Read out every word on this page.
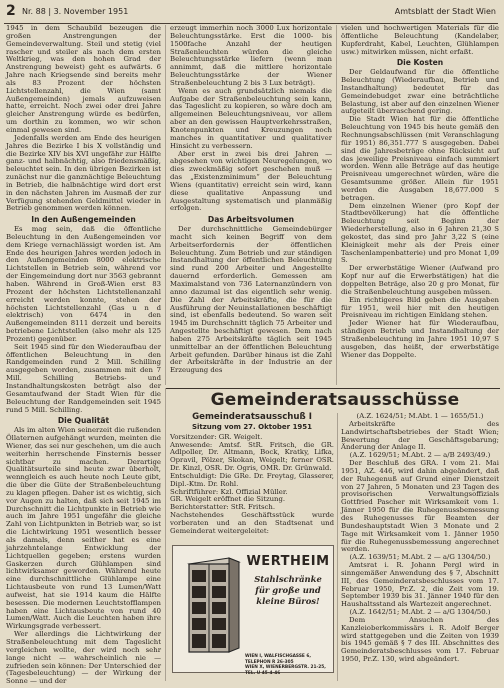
2 Nr. 88 | 3. November 1951	Amtsblatt der Stadt Wien

1945 in dem Schaubild bezeugen die großen Anstrengungen der Gemeindeverwaltung. Steil und stetig (viel rascher und steiler als nach dem ersten Weltkrieg, was den hohen Grad der Anstrengung beweist) geht es aufwärts. 6 Jahre nach Kriegsende sind bereits mehr als 83 Prozent der höchsten Lichtstellenzahl, die Wien (samt Außengemeinden) jemals aufzuweisen hatte, erreicht. Noch zwei oder drei Jahre gleicher Anstrengung würde es bedürfen, um dorthin zu kommen, wo wir schon einmal gewesen sind.

Jedenfalls werden am Ende des heurigen Jahres die Bezirke I bis X vollständig und die Bezirke XIV bis XVI ungefähr zur Hälfte ganz- und halbnächtig, also friedensmäßig, beleuchtet sein. In den übrigen Bezirken ist zunächst nur die ganznächtige Beleuchtung in Betrieb, die halbnächtige wird dort erst in den nächsten Jahren im Ausmaß der zur Verfügung stehenden Geldmittel wieder in Betrieb genommen werden können.

In den Außengemeinden

Es mag sein, daß die öffentliche Beleuchtung in den Außengemeinden vor dem Kriege vernachlässigt worden ist. Am Ende des heurigen Jahres werden jedoch in den Außengemeinden 8000 elektrische Lichtstellen in Betrieb sein, während vor der Eingemeindung dort nur 3563 gebrannt haben. Während in Groß-Wien erst 83 Prozent der höchsten Lichtstellenanzahl erreicht werden konnte, stehen der höchsten Lichtstellenzahl (Gas u n d elektrisch) von 6474 in den Außengemeinden 8111 derzeit und bereits betriebene Lichtstellen (also mehr als 125 Prozent) gegenüber.

Seit 1945 sind für den Wiederaufbau der öffentlichen Beleuchtung in den Randgemeinden rund 2 Mill. Schilling ausgegeben worden, zusammen mit den 7 Mill. Schilling Betriebs- und Instandhaltungskosten beträgt also der Gesamtaufwand der Stadt Wien für die Beleuchtung der Randgemeinden seit 1945 rund 5 Mill. Schilling.

Die Qualität

Als im alten Wien seinerzeit die rußenden Öllaternen aufgehängt wurden, meinten die Wiener, das sei nur geschehen, um die auch weiterhin herrschende Finsternis besser sichtbar zu machen. Derartige Qualitätsurteile sind heute zwar überholt, wenngleich es auch heute noch Leute gibt, die über die Güte der Straßenbeleuchtung zu klagen pflegen. Daher ist es wichtig, sich vor Augen zu halten, daß sich seit 1945 im Durchschnitt die Lichtpunkte in Betrieb wie auch im Jahre 1951 ungefähr die gleiche Zahl von Lichtpunkten in Betrieb war, so ist die Lichtwirkung 1951 wesentlich besser als damals, denn seither hat es eine jahrzehntelange Entwicklung der Lichtquellen gegeben; erstens wurden Gaskerzen durch Glühlampen sind lichtwirksamer geworden. Während heute eine durchschnittliche Glühlampe eine Lichtausbeute von rund 13 Lumen/Watt aufweist, hat sie 1914 kaum die Hälfte besessen. Die modernen Leuchtstofflampen haben eine Lichtausbeute von rund 40 Lumen/Watt. Auch die Leuchten haben ihre Wirkungsgrade verbessert.

Wer allerdings die Lichtwirkung der Straßenbeleuchtung mit dem Tageslicht vergleichen wollte, der wird noch sehr lange nicht — wahrscheinlich nie — zufrieden sein können: Der Unterschied der (Tagesbeleuchtung) — der Wirkung der Sonne — und der

erzeugt immerhin noch 3000 Lux horizontale Beleuchtungsstärke. Erst die 1000- bis 1500fache Anzahl der heutigen Straßenleuchten würden die gleiche Beleuchtungsstärke liefern (wenn man annimmt, daß die mittlere horizontale Beleuchtungsstärke der Wiener Straßenbeleuchtung 2 bis 3 Lux beträgt).

Wenn es auch grundsätzlich niemals die Aufgabe der Straßenbeleuchtung sein kann, das Tageslicht zu kopieren, so wäre doch am allgemeinen Beleuchtungsniveau, vor allem aber an den gewissen Hauptverkehrsstraßen, Knotenpunkten und Kreuzungen noch manches in quantitativer und qualitativer Hinsicht zu verbessern.

Aber erst in zwei bis drei Jahren — abgesehen von wichtigen Neuregelungen, wo dies zweckmäßig sofort geschehen muß — das „Existenzminimum“ der Beleuchtung Wiens (quantitativ) erreicht sein wird, kann diese qualitative Anpassung und Ausgestaltung systematisch und planmäßig erfolgen.

Das Arbeitsvolumen

Der durchschnittliche Gemeindebürger macht sich keinen Begriff von dem Arbeitserfordernis der öffentlichen Beleuchtung. Zum Betrieb und zur ständigen Instandhaltung der öffentlichen Beleuchtung sind rund 200 Arbeiter und Angestellte dauernd erforderlich. Gemessen am Maximalstand von 736 Laternanzündern von anno dazumal ist das eigentlich sehr wenig. Die Zahl der Arbeitskräfte, die für die Ausführung der Neuinstallationen beschäftigt sind, ist ebenfalls bedeutend. So waren seit 1945 im Durchschnitt täglich 75 Arbeiter und Angestellte beschäftigt gewesen. Dem nach haben 275 Arbeitskräfte täglich seit 1945 unmittelbar an der öffentlichen Beleuchtung Arbeit gefunden. Darüber hinaus ist die Zahl der Arbeitskräfte in der Industrie an der Erzeugung des

vielen und hochwertigen Materials für die öffentliche Beleuchtung (Kandelaber, Kupferdraht, Kabel, Leuchten, Glühlampen usw.) mitwirken müssen, nicht erfaßt.

Die Kosten

Der Geldaufwand für die öffentliche Beleuchtung (Wiederaufbau, Betrieb und Instandhaltung) bedeutet für das Gemeindebudget zwar eine beträchtliche Belastung, ist aber auf den einzelnen Wiener aufgeteilt überraschend gering.

Die Stadt Wien hat für die öffentliche Beleuchtung von 1945 bis heute gemäß den Rechnungsabschlüssen (mit Veranschlagung für 1951) 86,351.777 S ausgegeben. Dabei sind die Jahresbeträge ohne Rücksicht auf das jeweilige Preisniveau einfach summiert worden. Wenn alle Beträge auf das heutige Preisniveau umgerechnet würden, wäre die Gesamtsumme größer. Allein für 1951 werden die Ausgaben 18,677.000 S betragen.

Dem einzelnen Wiener (pro Kopf der Stadtbevölkerung) hat die öffentliche Beleuchtung seit Beginn der Wiederherstellung, also in 6 Jahren 21,30 S gekostet, das sind pro Jahr 3,22 S (eine Kleinigkeit mehr als der Preis einer Taschenlampenbatterie) und pro Monat 1,09 S.

Der erwerbstätige Wiener (Aufwand pro Kopf nur auf die Erwerbstätigen) hat die doppelten Beträge, also 20 g pro Monat, für die Straßenbeleuchtung ausgeben müssen.

Ein richtigeres Bild geben die Ausgaben für 1951, weil hier mit den heutigen Preisniveau im richtigen Einklang stehen.

Jeder Wiener hat für Wiederaufbau, ständigen Betrieb und Instandhaltung der Straßenbeleuchtung im Jahre 1951 10,97 S ausgeben, das heißt, der erwerbstätige Wiener das Doppelte.

Gemeinderatsausschüsse
Gemeinderatsausschuß I
Sitzung vom 27. Oktober 1951

Vorsitzender: GR. Weigelt.

Anwesende: Amtsf. StR. Fritsch, die GR. Adlpoller, Dr. Altmann, Bock, Kratky, Lifka, Opravil, Pölzer, Skokan, Weigelt; ferner OSR. Dr. Kinzl, OSR. Dr. Ogris, OMR. Dr. Grünwald.

Entschuldigt: Die GRe. Dr. Freytag, Glasserer, Dipl.-Ktm. Dr. Rohl.

Schriftführer: Kzl. Offizial Müller.

GR. Weigelt eröffnet die Sitzung.

Berichterstatter: StR. Fritsch.

Nachstehendes Geschäftsstück wurde vorberaten und an den Stadtsenat und Gemeinderat weitergeleitet:

WERTHEIM
Stahlschränke für große und kleine Büros!
WIEN I, WALFISCHGASSE 6, TELEPHON R 26-305
WIEN X, WIENERBERGSTR. 21-25, TEL. U 45-4-46

(A.Z. 1624/51; M.Abt. 1 — 1655/51.)

Arbeitskräfte des Landwirtschaftsbetriebes der Stadt Wien; Bewertung der Geschäftsgebarung; Änderung der Anlage II.

(A.Z. 1629/51; M.Abt. 2 — a/B 2493/49.)

Der Beschluß des GRA. I vom 21. Mai 1951, AZ. 446, wird dahin abgeändert, daß der Ruhegenuß auf Grund einer Dienstzeit von 27 Jahren, 5 Monaten und 23 Tagen des provisorischen Verwaltungsoffizials Gottfried Pascher mit Wirksamkeit vom 1. Jänner 1950 für die Ruhegenussbemessung des Ruhegenusses für Beamten der Bundeshauptstadt Wien 3 Monate und 2 Tage mit Wirksamkeit vom 1. Jänner 1950 für die Ruhegenussbemessung angerechnet werden.

(A.Z. 1639/51; M.Abt. 2 — a/G 1304/50.)

Amtsrat i. R. Johann Pergl wird in sinngemäßer Anwendung des § 7, Abschnitt III, des Gemeinderatsbeschlusses vom 17. Februar 1950, Pr.Z. 2, die Zeit vom 19. September 1939 bis 31. Jänner 1940 für den Haushaltsstand als Wartezeit angerechnet.

(A.Z. 1642/51; M.Abt. 2 — a/G 1304/50.)

Dem Ansuchen des Kanzleioberkommissärs i. R. Adolf Berger wird stattgegeben und die Zeiten von 1939 bis 1945 gemäß § 7 des III. Abschnittes des Gemeinderatsbeschlusses vom 17. Februar 1950, Pr.Z. 130, wird abgeändert.
